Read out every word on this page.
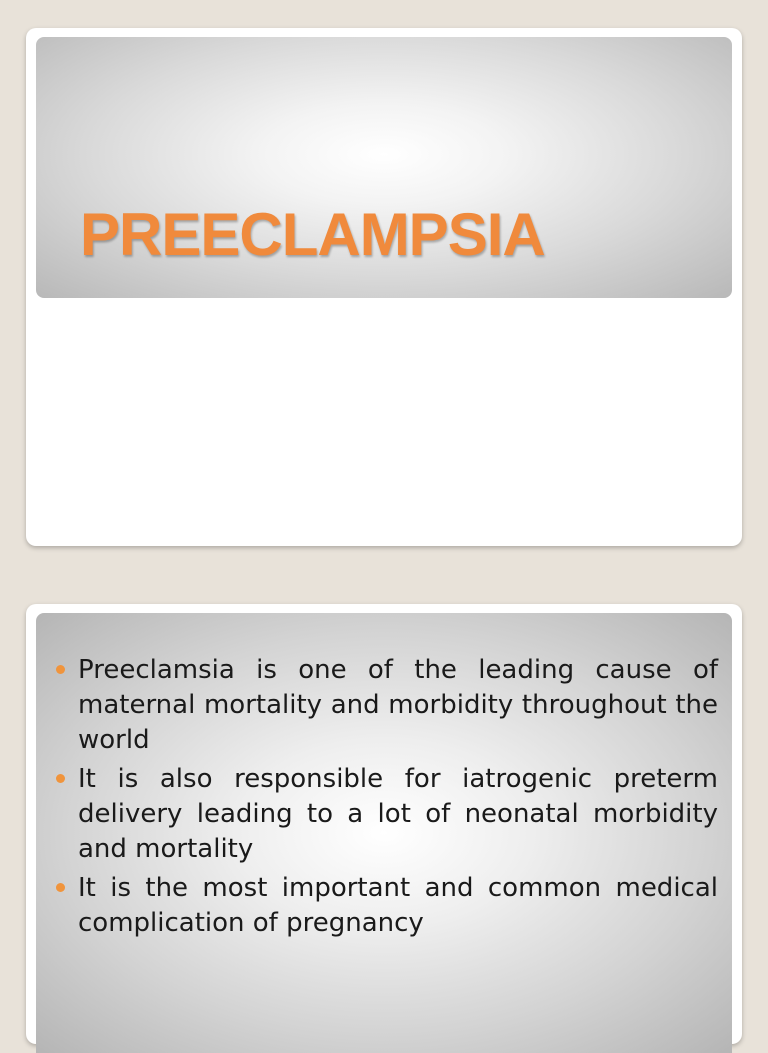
PREECLAMPSIA
Preeclamsia is one of the leading cause of maternal mortality and morbidity throughout the world
It is also responsible for iatrogenic preterm delivery leading to a lot of neonatal morbidity and mortality
It is the most important and common medical complication of pregnancy
